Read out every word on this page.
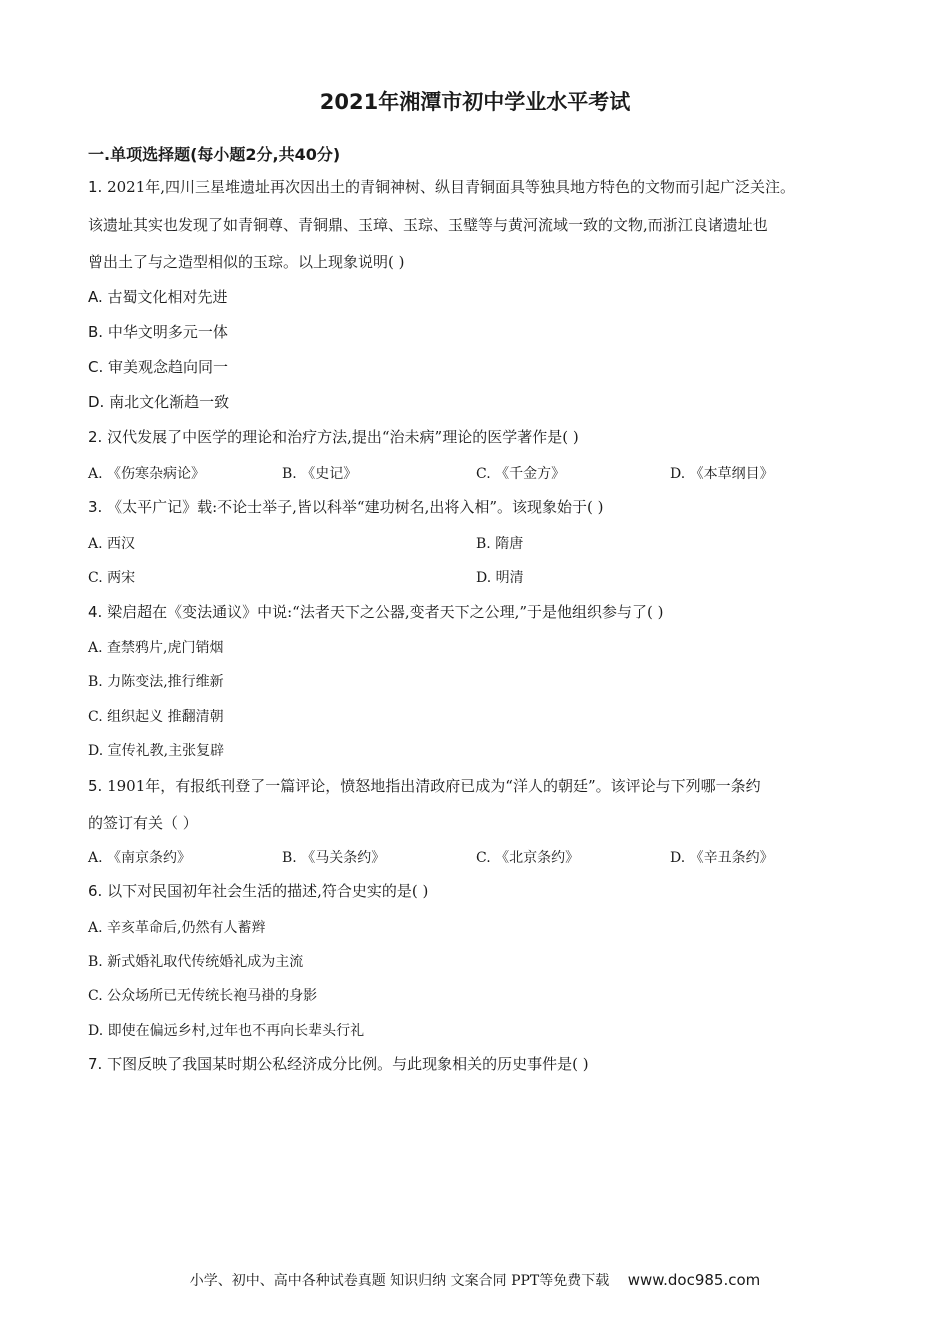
2021年湘潭市初中学业水平考试
一.单项选择题(每小题2分,共40分)
1. 2021年,四川三星堆遗址再次因出土的青铜神树、纵目青铜面具等独具地方特色的文物而引起广泛关注。
该遗址其实也发现了如青铜尊、青铜鼎、玉璋、玉琮、玉璧等与黄河流域一致的文物,而浙江良诸遗址也
曾出土了与之造型相似的玉琮。以上现象说明( )
A. 古蜀文化相对先进
B. 中华文明多元一体
C. 审美观念趋向同一
D. 南北文化渐趋一致
2. 汉代发展了中医学的理论和治疗方法,提出“治未病”理论的医学著作是( )
A. 《伤寒杂病论》	B. 《史记》	C. 《千金方》	D. 《本草纲目》
3. 《太平广记》载:不论士举子,皆以科举“建功树名,出将入相”。该现象始于( )
A. 西汉	B. 隋唐
C. 两宋	D. 明清
4. 梁启超在《变法通议》中说:“法者天下之公器,变者天下之公理,”于是他组织参与了( )
A. 查禁鸦片,虎门销烟
B. 力陈变法,推行维新
C. 组织起义 推翻清朝
D. 宣传礼教,主张复辟
5. 1901年，有报纸刊登了一篇评论，愤怒地指出清政府已成为“洋人的朝廷”。该评论与下列哪一条约
的签订有关（ ）
A. 《南京条约》	B. 《马关条约》	C. 《北京条约》	D. 《辛丑条约》
6. 以下对民国初年社会生活的描述,符合史实的是( )
A. 辛亥革命后,仍然有人蓄辫
B. 新式婚礼取代传统婚礼成为主流
C. 公众场所已无传统长袍马褂的身影
D. 即使在偏远乡村,过年也不再向长辈头行礼
7. 下图反映了我国某时期公私经济成分比例。与此现象相关的历史事件是( )
小学、初中、高中各种试卷真题 知识归纳 文案合同 PPT等免费下载 www.doc985.com
